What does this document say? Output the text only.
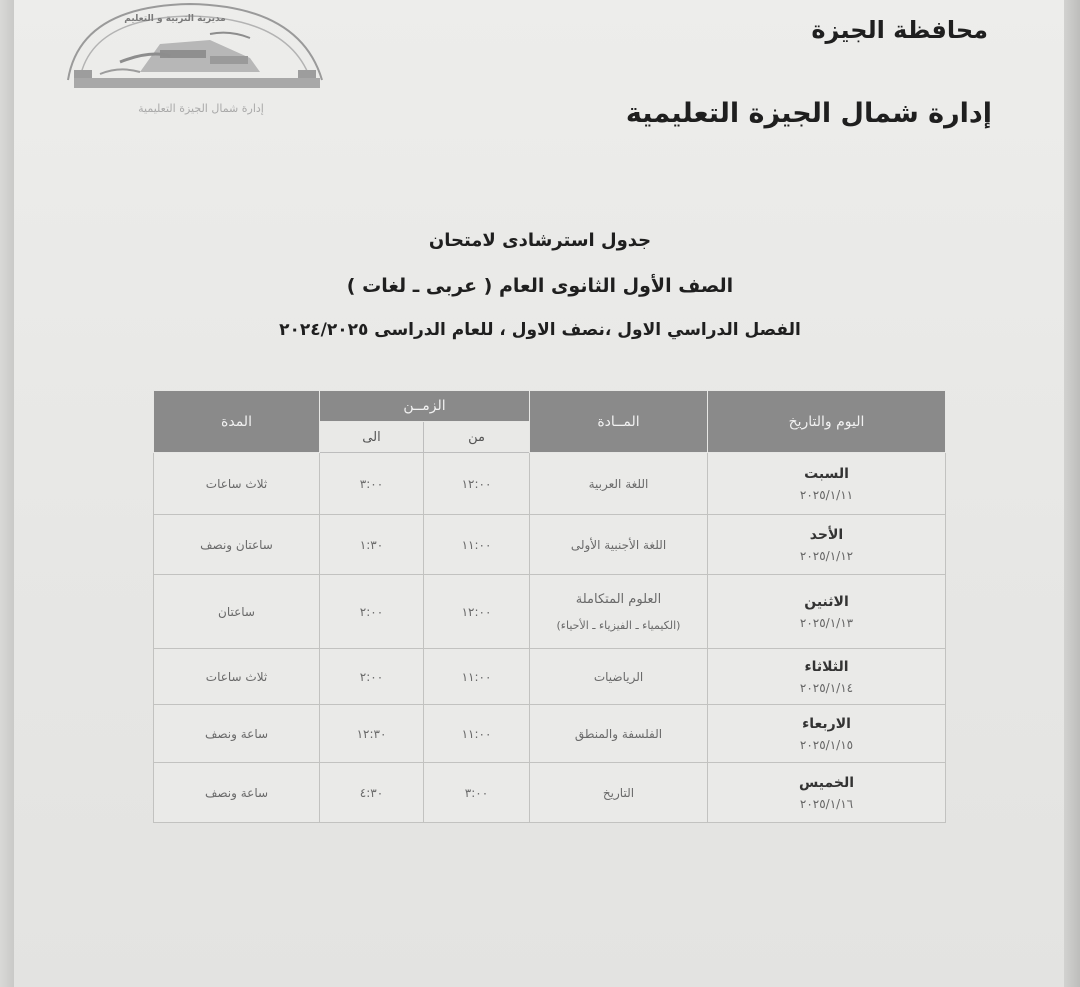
مديرية التربية و التعليم
إدارة شمال الجيزة التعليمية
محافظة الجيزة
إدارة شمال الجيزة التعليمية
جدول استرشادى لامتحان
الصف الأول الثانوى العام ( عربى ـ لغات )
الفصل الدراسي الاول ،نصف الاول ، للعام الدراسى ٢٠٢٤/٢٠٢٥
اليوم والتاريخ	المــادة	الزمــن		المدة
		من	الى	

السبت
٢٠٢٥/١/١١	اللغة العربية	١٢:٠٠	٣:٠٠	ثلاث ساعات

الأحد
٢٠٢٥/١/١٢	اللغة الأجنبية الأولى	١١:٠٠	١:٣٠	ساعتان ونصف

الاثنين
٢٠٢٥/١/١٣	العلوم المتكاملة
(الكيمياء ـ الفيزياء ـ الأحياء)	١٢:٠٠	٢:٠٠	ساعتان

الثلاثاء
٢٠٢٥/١/١٤	الرياضيات	١١:٠٠	٢:٠٠	ثلاث ساعات

الاربعاء
٢٠٢٥/١/١٥	الفلسفة والمنطق	١١:٠٠	١٢:٣٠	ساعة ونصف

الخميس
٢٠٢٥/١/١٦	التاريخ	٣:٠٠	٤:٣٠	ساعة ونصف
